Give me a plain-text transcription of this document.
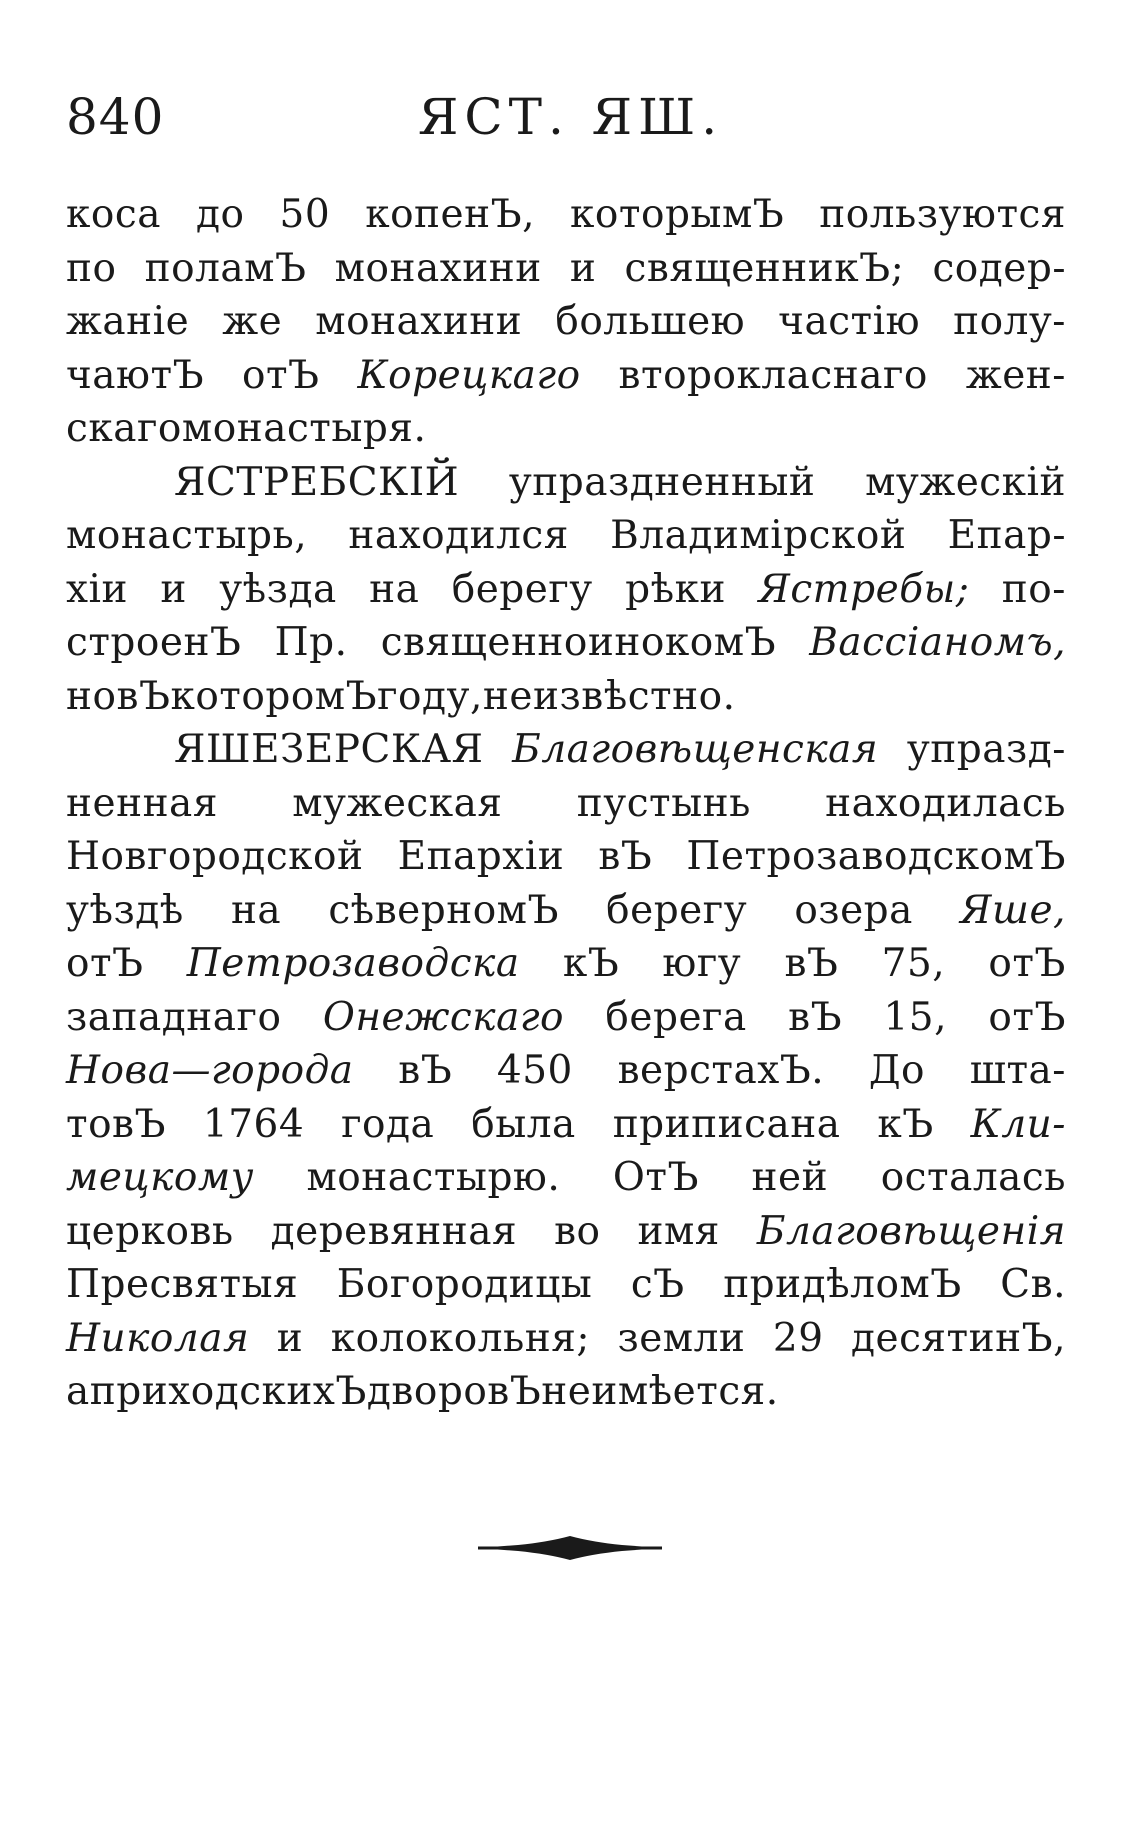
840	ЯСТ. ЯШ.
коса до 50 копенЪ, которымЪ пользуются
по поламЪ монахини и священникЪ; содер-
жаніе же монахини большею частію полу-
чаютЪ отЪ Корецкаго второкласнаго жен-
скаго монастыря.
ЯСТРЕБСКІЙ упраздненный мужескій
монастырь, находился Владимірской Епар-
хіи и уѣзда на берегу рѣки Ястребы; по-
строенЪ Пр. священноинокомЪ Вассіаномъ,
но вЪ которомЪ году, неизвѣстно.
ЯШЕЗЕРСКАЯ Благовѣщенская упразд-
ненная мужеская пустынь находилась
Новгородской Епархіи вЪ ПетрозаводскомЪ
уѣздѣ на сѣверномЪ берегу озера Яше,
отЪ Петрозаводска кЪ югу вЪ 75, отЪ
западнаго Онежскаго берега вЪ 15, отЪ
Нова—города вЪ 450 верстахЪ. До шта-
товЪ 1764 года была приписана кЪ Кли-
мецкому монастырю. ОтЪ ней осталась
церковь деревянная во имя Благовѣщенія
Пресвятыя Богородицы сЪ придѣломЪ Св.
Николая и колокольня; земли 29 десятинЪ,
а приходскихЪ дворовЪ не имѣется.
